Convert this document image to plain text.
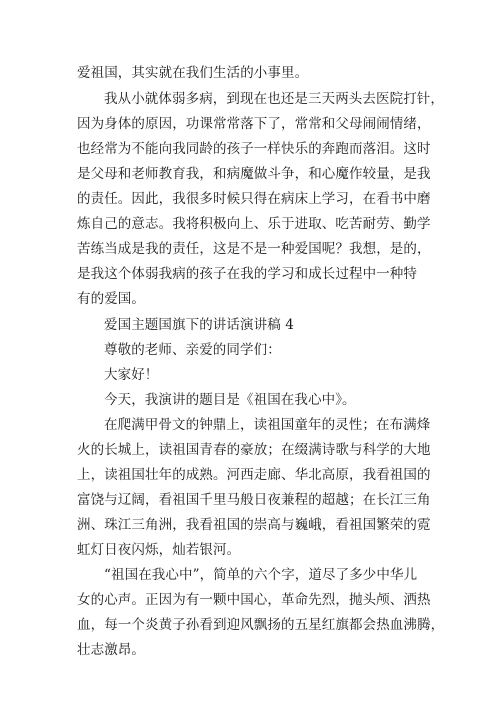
爱祖国，其实就在我们生活的小事里。
我从小就体弱多病，到现在也还是三天两头去医院打针，
因为身体的原因，功课常常落下了，常常和父母闹闹情绪，
也经常为不能向我同龄的孩子一样快乐的奔跑而落泪。这时
是父母和老师教育我，和病魔做斗争，和心魔作较量，是我
的责任。因此，我很多时候只得在病床上学习，在看书中磨
炼自己的意志。我将积极向上、乐于进取、吃苦耐劳、勤学
苦练当成是我的责任，这是不是一种爱国呢？我想，是的，
是我这个体弱我病的孩子在我的学习和成长过程中一种特
有的爱国。
爱国主题国旗下的讲话演讲稿 4
尊敬的老师、亲爱的同学们：
大家好！
今天，我演讲的题目是《祖国在我心中》。
在爬满甲骨文的钟鼎上，读祖国童年的灵性；在布满烽
火的长城上，读祖国青春的豪放；在缀满诗歌与科学的大地
上，读祖国壮年的成熟。河西走廊、华北高原，我看祖国的
富饶与辽阔，看祖国千里马般日夜兼程的超越；在长江三角
洲、珠江三角洲，我看祖国的崇高与巍峨，看祖国繁荣的霓
虹灯日夜闪烁，灿若银河。
“祖国在我心中”，简单的六个字，道尽了多少中华儿
女的心声。正因为有一颗中国心，革命先烈，抛头颅、洒热
血，每一个炎黄子孙看到迎风飘扬的五星红旗都会热血沸腾，
壮志激昂。
